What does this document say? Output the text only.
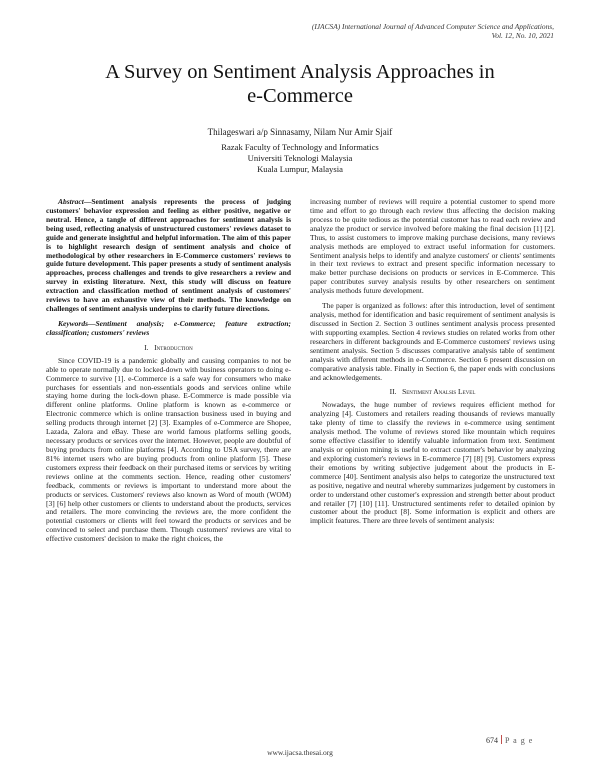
(IJACSA) International Journal of Advanced Computer Science and Applications,
Vol. 12, No. 10, 2021
A Survey on Sentiment Analysis Approaches in
e-Commerce
Thilageswari a/p Sinnasamy, Nilam Nur Amir Sjaif
Razak Faculty of Technology and Informatics
Universiti Teknologi Malaysia
Kuala Lumpur, Malaysia

Abstract—Sentiment analysis represents the process of judging customers' behavior expression and feeling as either positive, negative or neutral. Hence, a tangle of different approaches for sentiment analysis is being used, reflecting analysis of unstructured customers' reviews dataset to guide and generate insightful and helpful information. The aim of this paper is to highlight research design of sentiment analysis and choice of methodological by other researchers in E-Commerce customers' reviews to guide future development. This paper presents a study of sentiment analysis approaches, process challenges and trends to give researchers a review and survey in existing literature. Next, this study will discuss on feature extraction and classification method of sentiment analysis of customers' reviews to have an exhaustive view of their methods. The knowledge on challenges of sentiment analysis underpins to clarify future directions.

Keywords—Sentiment analysis; e-Commerce; feature extraction; classification; customers' reviews

I. Introduction

Since COVID-19 is a pandemic globally and causing companies to not be able to operate normally due to locked-down with business operators to doing e-Commerce to survive [1]. e-Commerce is a safe way for consumers who make purchases for essentials and non-essentials goods and services online while staying home during the lock-down phase. E-Commerce is made possible via different online platforms. Online platform is known as e-commerce or Electronic commerce which is online transaction business used in buying and selling products through internet [2] [3]. Examples of e-Commerce are Shopee, Lazada, Zalora and eBay. These are world famous platforms selling goods, necessary products or services over the internet. However, people are doubtful of buying products from online platforms [4]. According to USA survey, there are 81% internet users who are buying products from online platform [5]. These customers express their feedback on their purchased items or services by writing reviews online at the comments section. Hence, reading other customers' feedback, comments or reviews is important to understand more about the products or services. Customers' reviews also known as Word of mouth (WOM) [3] [6] help other customers or clients to understand about the products, services and retailers. The more convincing the reviews are, the more confident the potential customers or clients will feel toward the products or services and be convinced to select and purchase them. Though customers' reviews are vital to effective customers' decision to make the right choices, the

increasing number of reviews will require a potential customer to spend more time and effort to go through each review thus affecting the decision making process to be quite tedious as the potential customer has to read each review and analyze the product or service involved before making the final decision [1] [2]. Thus, to assist customers to improve making purchase decisions, many reviews analysis methods are employed to extract useful information for customers. Sentiment analysis helps to identify and analyze customers' or clients' sentiments in their text reviews to extract and present specific information necessary to make better purchase decisions on products or services in E-Commerce. This paper contributes survey analysis results by other researchers on sentiment analysis methods future development.

The paper is organized as follows: after this introduction, level of sentiment analysis, method for identification and basic requirement of sentiment analysis is discussed in Section 2. Section 3 outlines sentiment analysis process presented with supporting examples. Section 4 reviews studies on related works from other researchers in different backgrounds and E-Commerce customers' reviews using sentiment analysis. Section 5 discusses comparative analysis table of sentiment analysis with different methods in e-Commerce. Section 6 present discussion on comparative analysis table. Finally in Section 6, the paper ends with conclusions and acknowledgements.

II. Sentiment Analsis Level

Nowadays, the huge number of reviews requires efficient method for analyzing [4]. Customers and retailers reading thousands of reviews manually take plenty of time to classify the reviews in e-commerce using sentiment analysis method. The volume of reviews stored like mountain which requires some effective classifier to identify valuable information from text. Sentiment analysis or opinion mining is useful to extract customer's behavior by analyzing and exploring customer's reviews in E-commerce [7] [8] [9]. Customers express their emotions by writing subjective judgement about the products in E-commerce [40]. Sentiment analysis also helps to categorize the unstructured text as positive, negative and neutral whereby summarizes judgement by customers in order to understand other customer's expression and strength better about product and retailer [7] [10] [11]. Unstructured sentiments refer to detailed opinion by customer about the product [8]. Some information is explicit and others are implicit features. There are three levels of sentiment analysis:

674 P a g e
www.ijacsa.thesai.org
